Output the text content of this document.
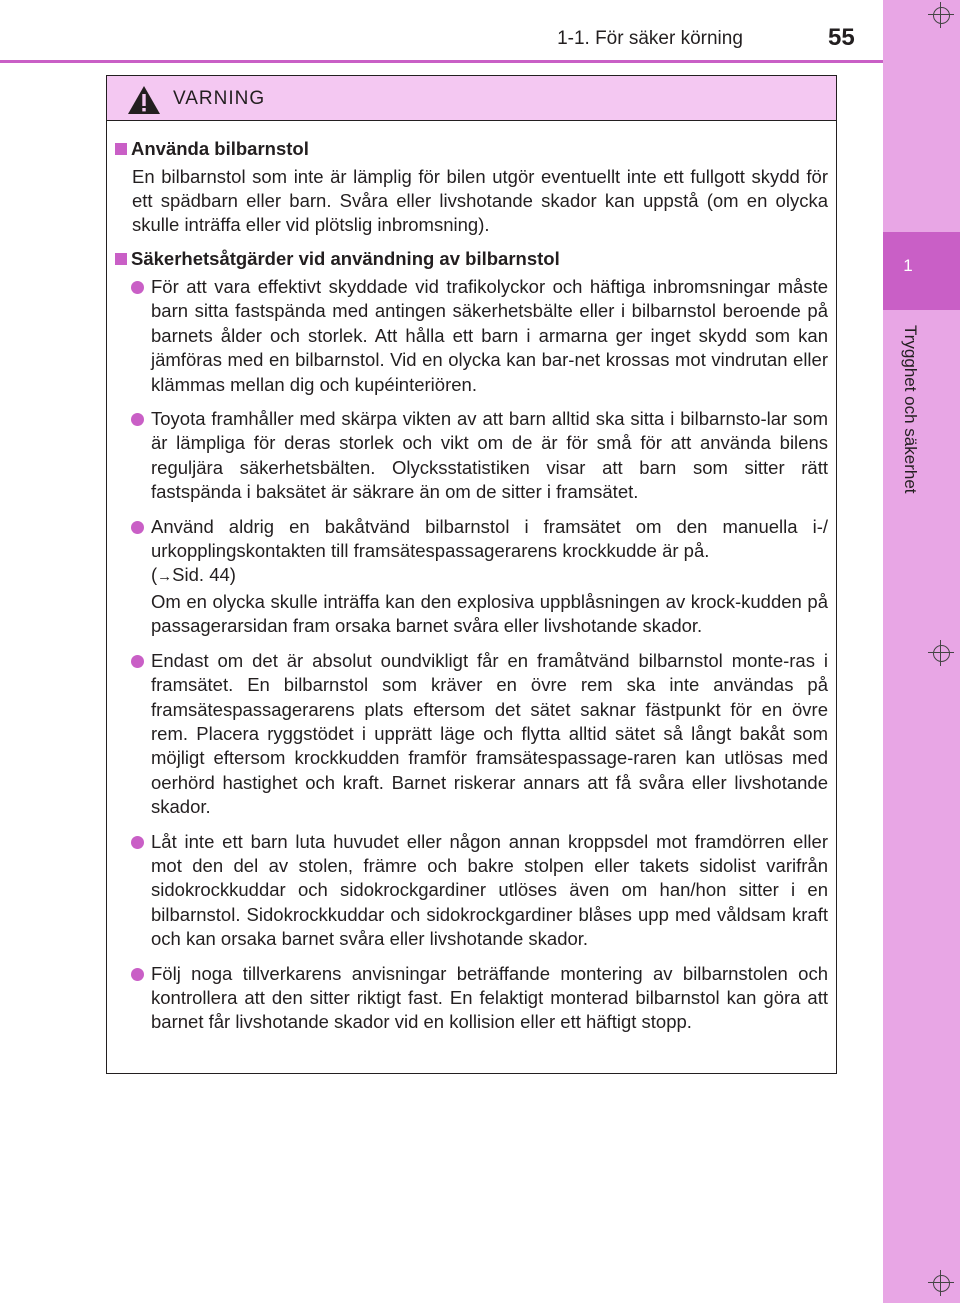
1-1. För säker körning	55
1
Trygghet och säkerhet
VARNING
Använda bilbarnstol
En bilbarnstol som inte är lämplig för bilen utgör eventuellt inte ett fullgott skydd för ett spädbarn eller barn. Svåra eller livshotande skador kan uppstå (om en olycka skulle inträffa eller vid plötslig inbromsning).
Säkerhetsåtgärder vid användning av bilbarnstol

För att vara effektivt skyddade vid trafikolyckor och häftiga inbromsningar måste barn sitta fastspända med antingen säkerhetsbälte eller i bilbarnstol beroende på barnets ålder och storlek. Att hålla ett barn i armarna ger inget skydd som kan jämföras med en bilbarnstol. Vid en olycka kan bar-net krossas mot vindrutan eller klämmas mellan dig och kupéinteriören.

Toyota framhåller med skärpa vikten av att barn alltid ska sitta i bilbarnsto-lar som är lämpliga för deras storlek och vikt om de är för små för att använda bilens reguljära säkerhetsbälten. Olycksstatistiken visar att barn som sitter rätt fastspända i baksätet är säkrare än om de sitter i framsätet.

Använd aldrig en bakåtvänd bilbarnstol i framsätet om den manuella i-/ urkopplingskontakten till framsätespassagerarens krockkudde är på.

(→Sid. 44)

Om en olycka skulle inträffa kan den explosiva uppblåsningen av krock-kudden på passagerarsidan fram orsaka barnet svåra eller livshotande skador.

Endast om det är absolut oundvikligt får en framåtvänd bilbarnstol monte-ras i framsätet. En bilbarnstol som kräver en övre rem ska inte användas på framsätespassagerarens plats eftersom det sätet saknar fästpunkt för en övre rem. Placera ryggstödet i upprätt läge och flytta alltid sätet så långt bakåt som möjligt eftersom krockkudden framför framsätespassage-raren kan utlösas med oerhörd hastighet och kraft. Barnet riskerar annars att få svåra eller livshotande skador.

Låt inte ett barn luta huvudet eller någon annan kroppsdel mot framdörren eller mot den del av stolen, främre och bakre stolpen eller takets sidolist varifrån sidokrockkuddar och sidokrockgardiner utlöses även om han/hon sitter i en bilbarnstol. Sidokrockkuddar och sidokrockgardiner blåses upp med våldsam kraft och kan orsaka barnet svåra eller livshotande skador.

Följ noga tillverkarens anvisningar beträffande montering av bilbarnstolen och kontrollera att den sitter riktigt fast. En felaktigt monterad bilbarnstol kan göra att barnet får livshotande skador vid en kollision eller ett häftigt stopp.
